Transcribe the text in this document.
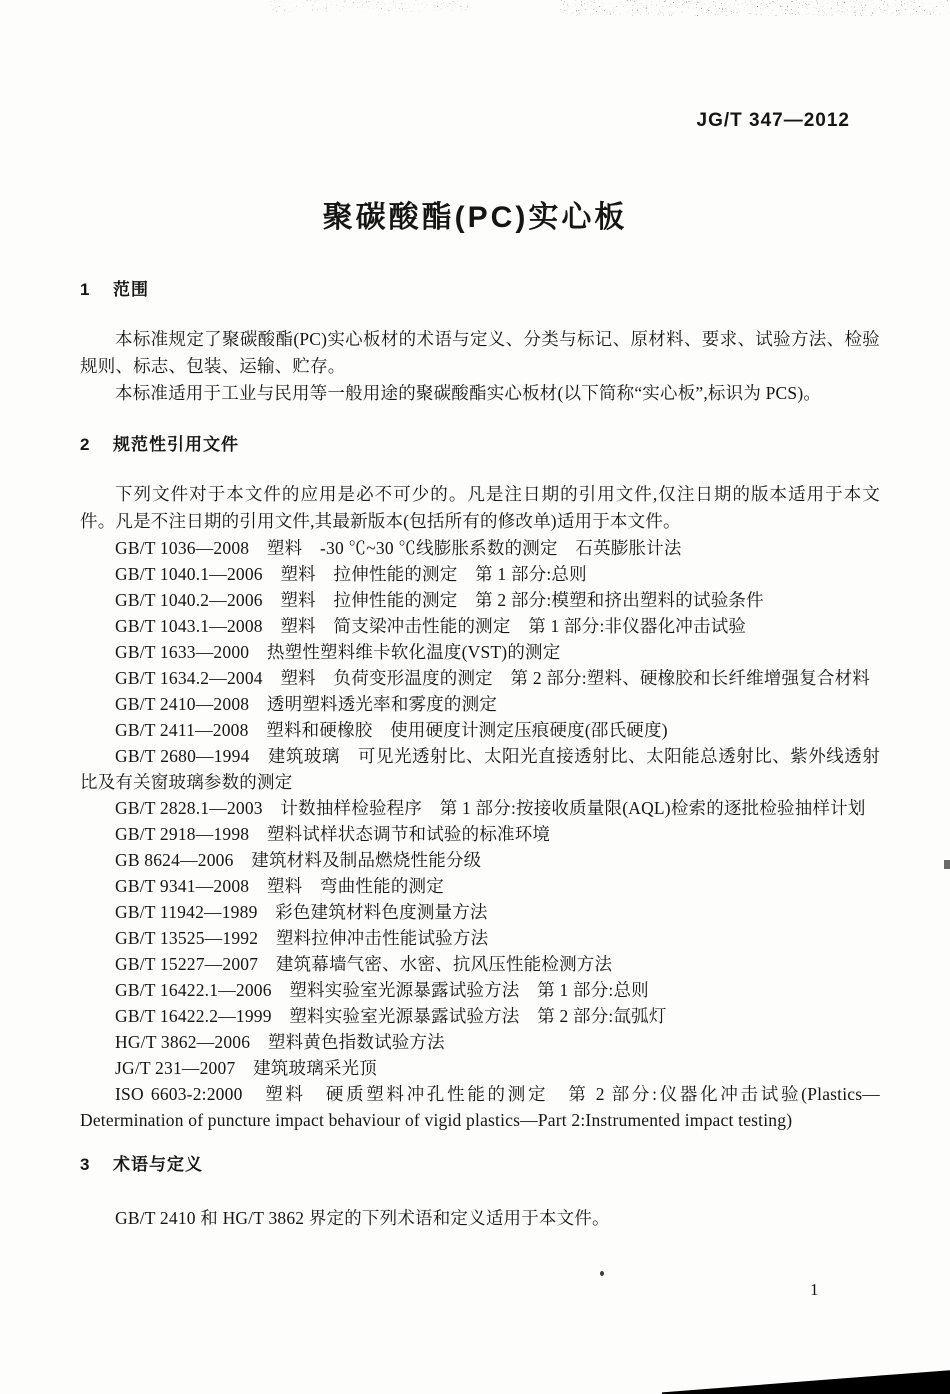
JG/T 347—2012
聚碳酸酯(PC)实心板
1 范围

本标准规定了聚碳酸酯(PC)实心板材的术语与定义、分类与标记、原材料、要求、试验方法、检验规则、标志、包装、运输、贮存。

本标准适用于工业与民用等一般用途的聚碳酸酯实心板材(以下简称“实心板”,标识为 PCS)。

2 规范性引用文件

下列文件对于本文件的应用是必不可少的。凡是注日期的引用文件,仅注日期的版本适用于本文件。凡是不注日期的引用文件,其最新版本(包括所有的修改单)适用于本文件。

GB/T 1036—2008　塑料　-30 ℃~30 ℃线膨胀系数的测定　石英膨胀计法

GB/T 1040.1—2006　塑料　拉伸性能的测定　第 1 部分:总则

GB/T 1040.2—2006　塑料　拉伸性能的测定　第 2 部分:模塑和挤出塑料的试验条件

GB/T 1043.1—2008　塑料　简支梁冲击性能的测定　第 1 部分:非仪器化冲击试验

GB/T 1633—2000　热塑性塑料维卡软化温度(VST)的测定

GB/T 1634.2—2004　塑料　负荷变形温度的测定　第 2 部分:塑料、硬橡胶和长纤维增强复合材料

GB/T 2410—2008　透明塑料透光率和雾度的测定

GB/T 2411—2008　塑料和硬橡胶　使用硬度计测定压痕硬度(邵氏硬度)

GB/T 2680—1994　建筑玻璃　可见光透射比、太阳光直接透射比、太阳能总透射比、紫外线透射比及有关窗玻璃参数的测定

GB/T 2828.1—2003　计数抽样检验程序　第 1 部分:按接收质量限(AQL)检索的逐批检验抽样计划

GB/T 2918—1998　塑料试样状态调节和试验的标准环境

GB 8624—2006　建筑材料及制品燃烧性能分级

GB/T 9341—2008　塑料　弯曲性能的测定

GB/T 11942—1989　彩色建筑材料色度测量方法

GB/T 13525—1992　塑料拉伸冲击性能试验方法

GB/T 15227—2007　建筑幕墙气密、水密、抗风压性能检测方法

GB/T 16422.1—2006　塑料实验室光源暴露试验方法　第 1 部分:总则

GB/T 16422.2—1999　塑料实验室光源暴露试验方法　第 2 部分:氙弧灯

HG/T 3862—2006　塑料黄色指数试验方法

JG/T 231—2007　建筑玻璃采光顶

ISO 6603-2:2000　塑料　硬质塑料冲孔性能的测定　第 2 部分:仪器化冲击试验(Plastics—Determination of puncture impact behaviour of vigid plastics—Part 2:Instrumented impact testing)

3 术语与定义

GB/T 2410 和 HG/T 3862 界定的下列术语和定义适用于本文件。

1
